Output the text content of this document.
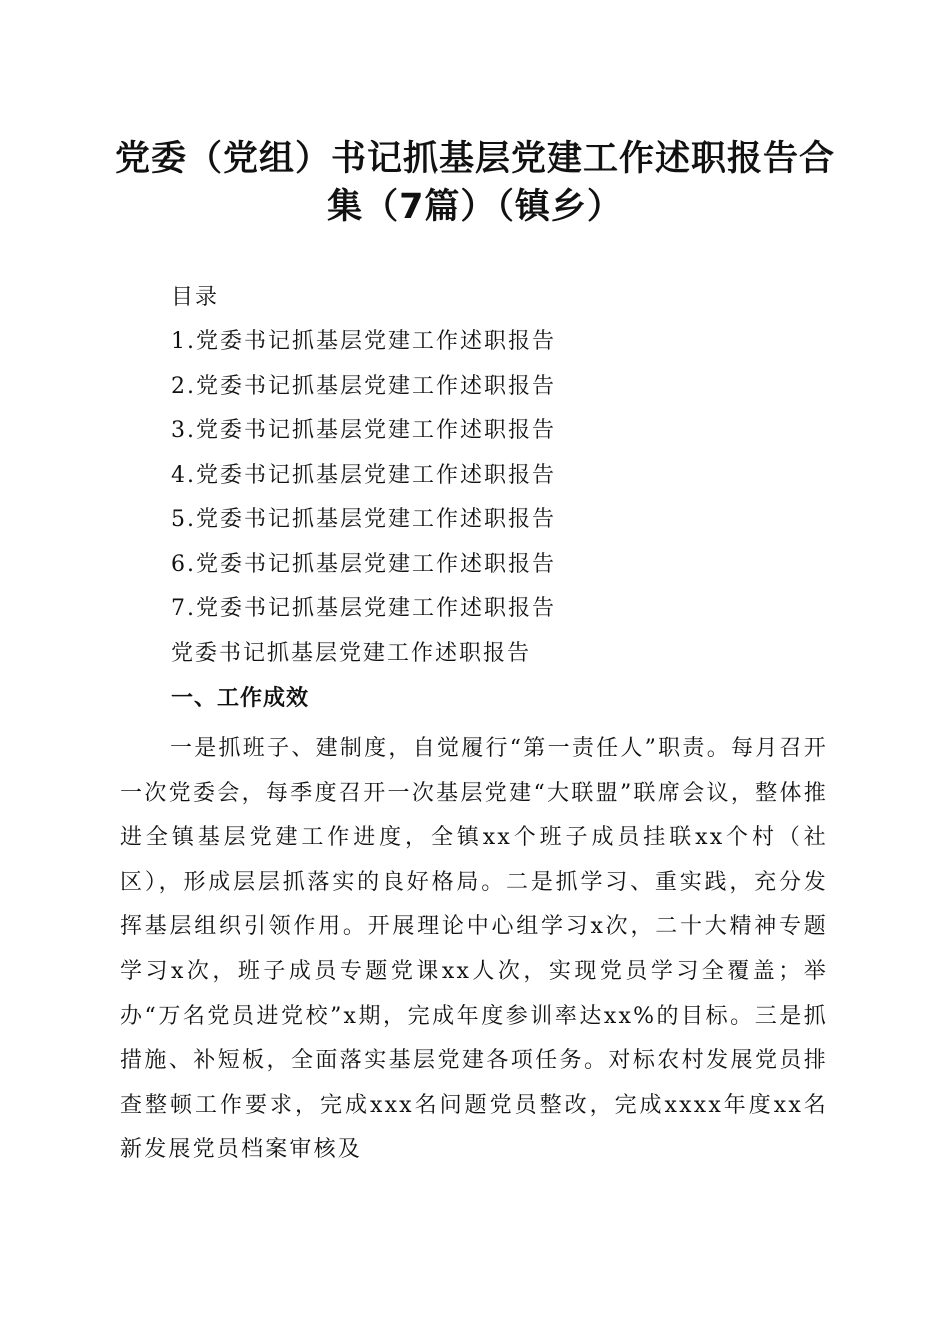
党委（党组）书记抓基层党建工作述职报告合
集（7篇）（镇乡）

目录

1.党委书记抓基层党建工作述职报告

2.党委书记抓基层党建工作述职报告

3.党委书记抓基层党建工作述职报告

4.党委书记抓基层党建工作述职报告

5.党委书记抓基层党建工作述职报告

6.党委书记抓基层党建工作述职报告

7.党委书记抓基层党建工作述职报告

党委书记抓基层党建工作述职报告

一、工作成效

一是抓班子、建制度，自觉履行“第一责任人”职责。每月召开一次党委会，每季度召开一次基层党建“大联盟”联席会议，整体推进全镇基层党建工作进度，全镇xx个班子成员挂联xx个村（社区），形成层层抓落实的良好格局。二是抓学习、重实践，充分发挥基层组织引领作用。开展理论中心组学习x次，二十大精神专题学习x次，班子成员专题党课xx人次，实现党员学习全覆盖；举办“万名党员进党校”x期，完成年度参训率达xx%的目标。三是抓措施、补短板，全面落实基层党建各项任务。对标农村发展党员排查整顿工作要求，完成xxx名问题党员整改，完成xxxx年度xx名新发展党员档案审核及
